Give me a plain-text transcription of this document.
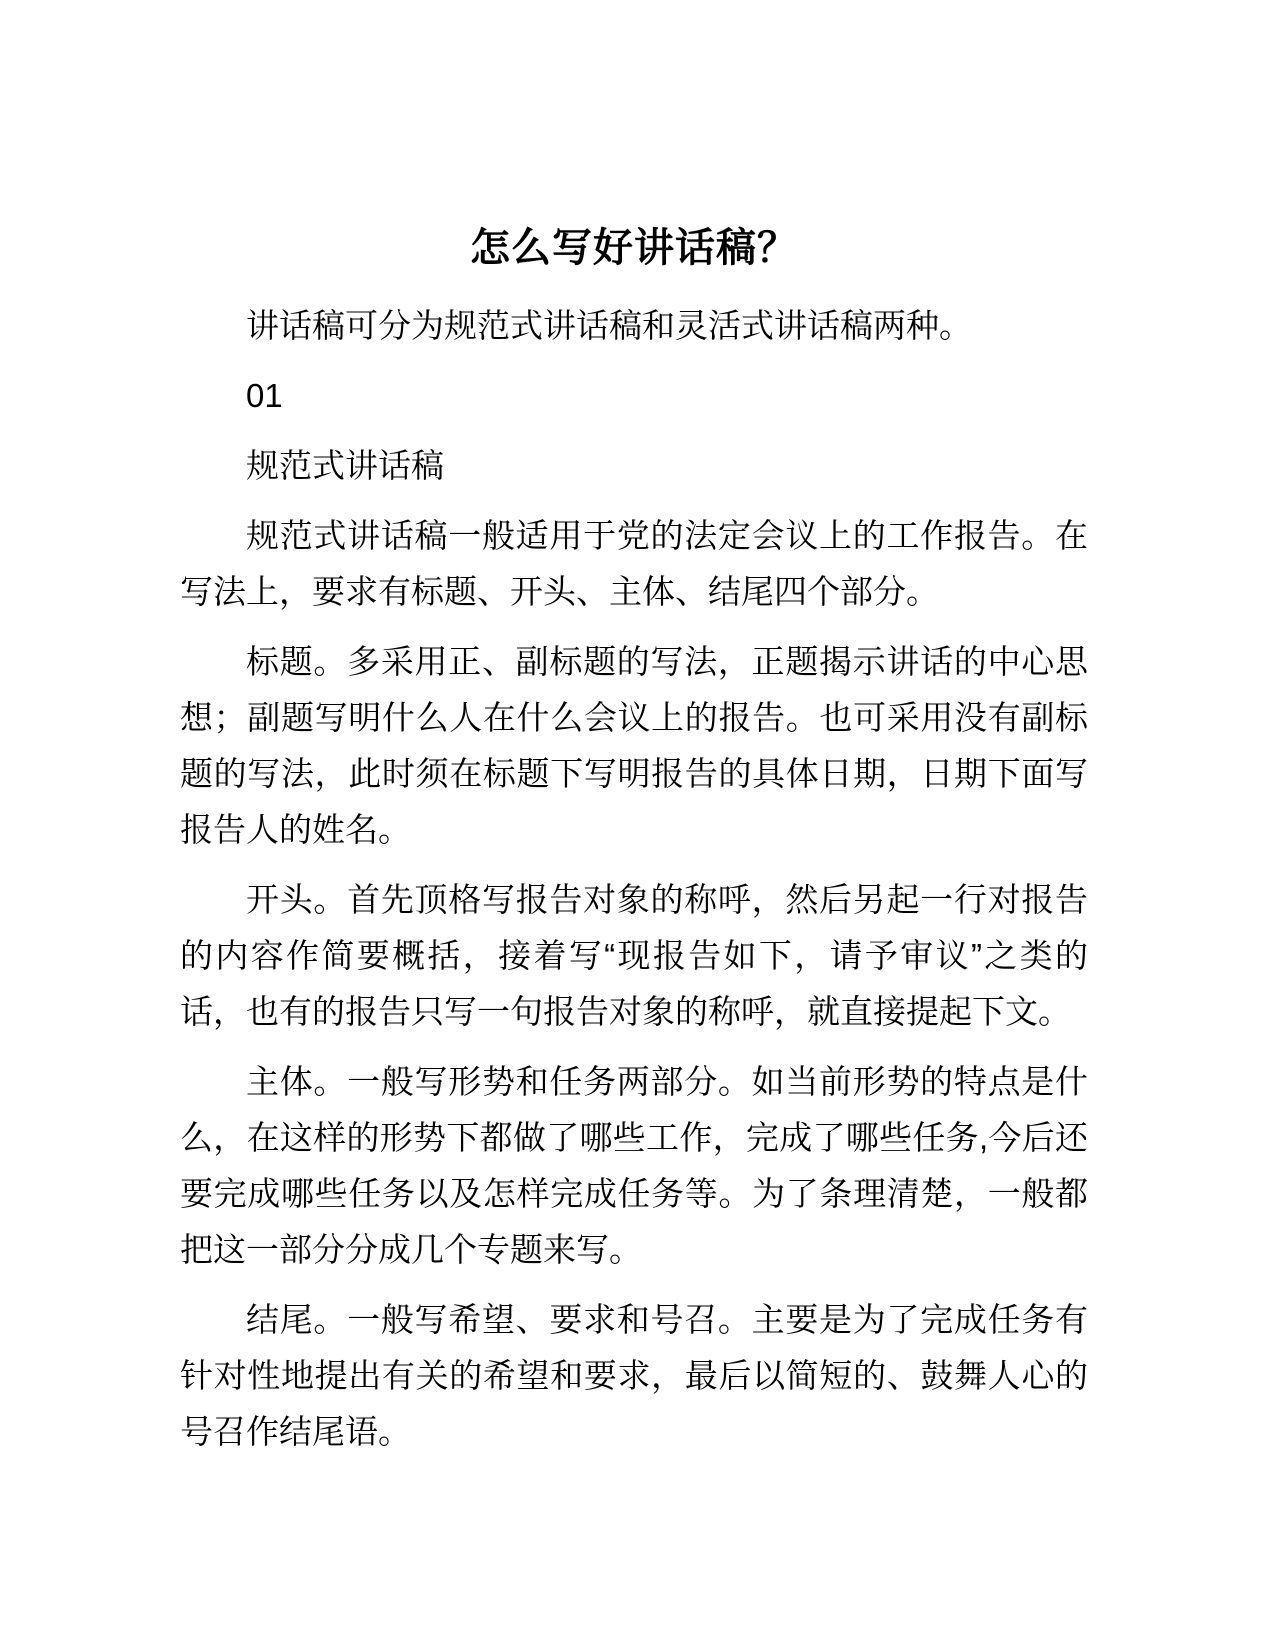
怎么写好讲话稿？

讲话稿可分为规范式讲话稿和灵活式讲话稿两种。

01

规范式讲话稿

规范式讲话稿一般适用于党的法定会议上的工作报告。在写法上，要求有标题、开头、主体、结尾四个部分。

标题。多采用正、副标题的写法，正题揭示讲话的中心思想；副题写明什么人在什么会议上的报告。也可采用没有副标题的写法，此时须在标题下写明报告的具体日期，日期下面写报告人的姓名。

开头。首先顶格写报告对象的称呼，然后另起一行对报告的内容作简要概括，接着写“现报告如下，请予审议”之类的话，也有的报告只写一句报告对象的称呼，就直接提起下文。

主体。一般写形势和任务两部分。如当前形势的特点是什么，在这样的形势下都做了哪些工作，完成了哪些任务,今后还要完成哪些任务以及怎样完成任务等。为了条理清楚，一般都把这一部分分成几个专题来写。

结尾。一般写希望、要求和号召。主要是为了完成任务有针对性地提出有关的希望和要求，最后以简短的、鼓舞人心的号召作结尾语。
